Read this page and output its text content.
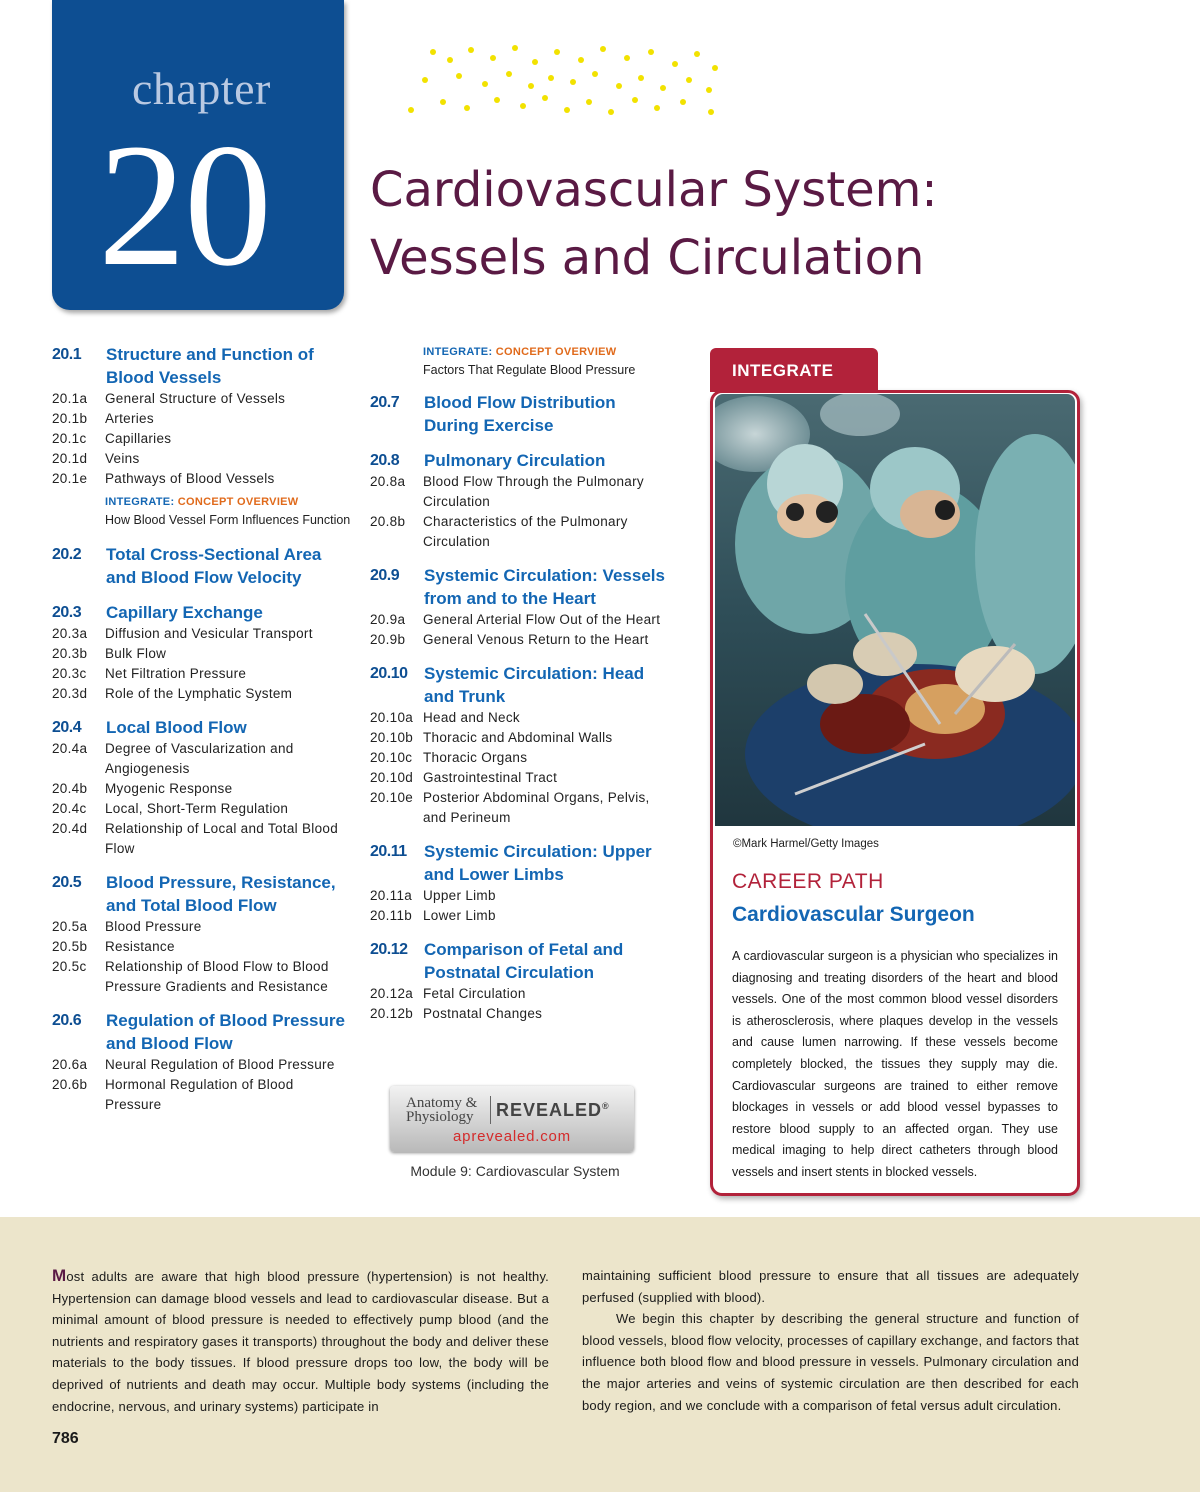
chapter
20 Cardiovascular System:
Vessels and Circulation
20.1	Structure and Function of Blood Vessels
20.1a	General Structure of Vessels
20.1b	Arteries
20.1c	Capillaries
20.1d	Veins
20.1e	Pathways of Blood Vessels
INTEGRATE: CONCEPT OVERVIEW
How Blood Vessel Form Influences Function
20.2	Total Cross-Sectional Area and Blood Flow Velocity
20.3	Capillary Exchange
20.3a	Diffusion and Vesicular Transport
20.3b	Bulk Flow
20.3c	Net Filtration Pressure
20.3d	Role of the Lymphatic System
20.4	Local Blood Flow
20.4a	Degree of Vascularization and Angiogenesis
20.4b	Myogenic Response
20.4c	Local, Short-Term Regulation
20.4d	Relationship of Local and Total Blood Flow
20.5	Blood Pressure, Resistance, and Total Blood Flow
20.5a	Blood Pressure
20.5b	Resistance
20.5c	Relationship of Blood Flow to Blood Pressure Gradients and Resistance
20.6	Regulation of Blood Pressure and Blood Flow
20.6a	Neural Regulation of Blood Pressure
20.6b	Hormonal Regulation of Blood Pressure
INTEGRATE: CONCEPT OVERVIEW
Factors That Regulate Blood Pressure
20.7	Blood Flow Distribution During Exercise
20.8	Pulmonary Circulation
20.8a	Blood Flow Through the Pulmonary Circulation
20.8b	Characteristics of the Pulmonary Circulation
20.9	Systemic Circulation: Vessels from and to the Heart
20.9a	General Arterial Flow Out of the Heart
20.9b	General Venous Return to the Heart
20.10 Systemic Circulation: Head and Trunk
20.10a Head and Neck
20.10b Thoracic and Abdominal Walls
20.10c Thoracic Organs
20.10d Gastrointestinal Tract
20.10e Posterior Abdominal Organs, Pelvis, and Perineum
20.11	Systemic Circulation: Upper and Lower Limbs
20.11a Upper Limb
20.11b Lower Limb
20.12 Comparison of Fetal and Postnatal Circulation
20.12a Fetal Circulation
20.12b Postnatal Changes
Anatomy &
Physiology REVEALED®
aprevealed.com
Module 9: Cardiovascular System
INTEGRATE
©Mark Harmel/Getty Images
CAREER PATH
Cardiovascular Surgeon

A cardiovascular surgeon is a physician who specializes in diagnosing and treating disorders of the heart and blood vessels. One of the most common blood vessel disorders is atherosclerosis, where plaques develop in the vessels and cause lumen narrowing. If these vessels become completely blocked, the tissues they supply may die. Cardiovascular surgeons are trained to either remove blockages in vessels or add blood vessel bypasses to restore blood supply to an affected organ. They use medical imaging to help direct catheters through blood vessels and insert stents in blocked vessels.

Most adults are aware that high blood pressure (hypertension) is not healthy. Hypertension can damage blood vessels and lead to cardiovascular disease. But a minimal amount of blood pressure is needed to effectively pump blood (and the nutrients and respiratory gases it transports) throughout the body and deliver these materials to the body tissues. If blood pressure drops too low, the body will be deprived of nutrients and death may occur. Multiple body systems (including the endocrine, nervous, and urinary systems) participate in

maintaining sufficient blood pressure to ensure that all tissues are adequately perfused (supplied with blood).
We begin this chapter by describing the general structure and function of blood vessels, blood flow velocity, processes of capillary exchange, and factors that influence both blood flow and blood pressure in vessels. Pulmonary circulation and the major arteries and veins of systemic circulation are then described for each body region, and we conclude with a comparison of fetal versus adult circulation.
786
